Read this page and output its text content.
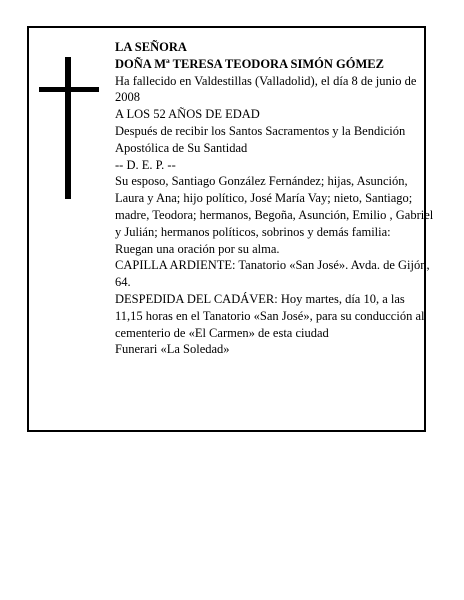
LA SEÑORA

DOÑA Mª TERESA TEODORA SIMÓN GÓMEZ

Ha fallecido en Valdestillas (Valladolid), el día 8 de junio de 2008

A LOS 52 AÑOS DE EDAD

Después de recibir los Santos Sacramentos y la Bendición Apostólica de Su Santidad

-- D. E. P. --

Su esposo, Santiago González Fernández; hijas, Asunción, Laura y Ana; hijo político, José María Vay; nieto, Santiago; madre, Teodora; hermanos, Begoña, Asunción, Emilio , Gabriel y Julián; hermanos políticos, sobrinos y demás familia:

Ruegan una oración por su alma.

CAPILLA ARDIENTE: Tanatorio «San José». Avda. de Gijón, 64.

DESPEDIDA DEL CADÁVER: Hoy martes, día 10, a las 11,15 horas en el Tanatorio «San José», para su conducción al cementerio de «El Carmen» de esta ciudad

Funerari «La Soledad»
